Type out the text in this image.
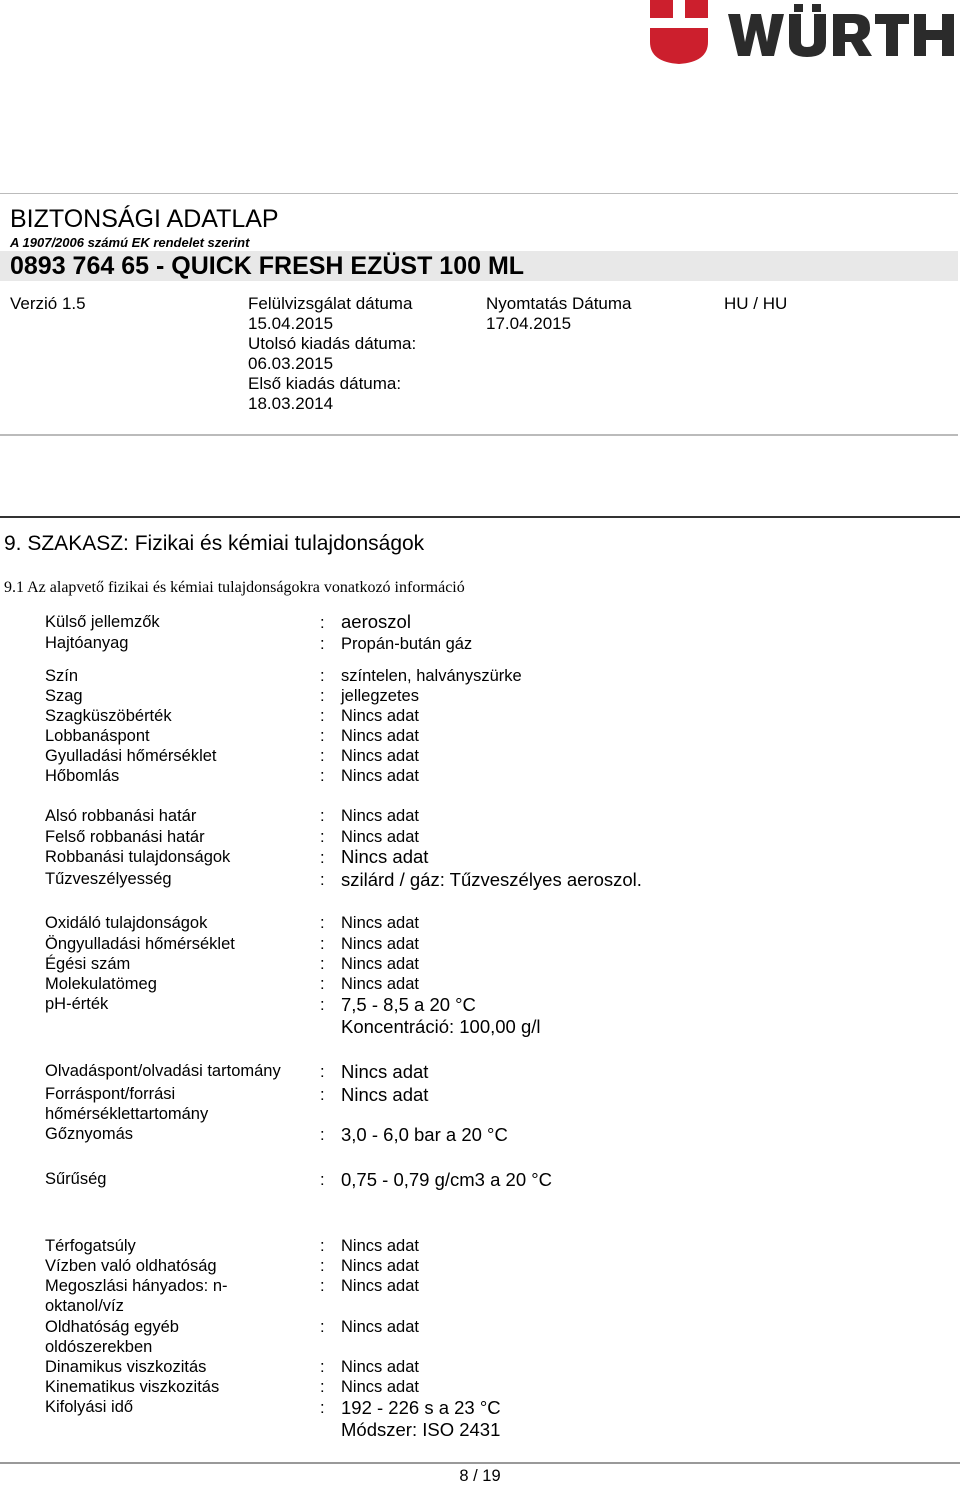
BIZTONSÁGI ADATLAP
A 1907/2006 számú EK rendelet szerint
0893 764 65 - QUICK FRESH EZÜST 100 ML
Verzió 1.5	Felülvizsgálat dátuma
15.04.2015
Utolsó kiadás dátuma:
06.03.2015
Első kiadás dátuma:
18.03.2014
Nyomtatás Dátuma
17.04.2015
HU / HU
9. SZAKASZ: Fizikai és kémiai tulajdonságok
9.1 Az alapvető fizikai és kémiai tulajdonságokra vonatkozó információ
Külső jellemzők	: aeroszol
Hajtóanyag	: Propán-bután gáz
Szín	: színtelen, halványszürke
Szag	: jellegzetes
Szagküszöbérték	: Nincs adat
Lobbanáspont	: Nincs adat
Gyulladási hőmérséklet	: Nincs adat
Hőbomlás	: Nincs adat
Alsó robbanási határ	: Nincs adat
Felső robbanási határ	: Nincs adat
Robbanási tulajdonságok	: Nincs adat
Tűzveszélyesség	: szilárd / gáz: Tűzveszélyes aeroszol.
Oxidáló tulajdonságok	: Nincs adat
Öngyulladási hőmérséklet	: Nincs adat
Égési szám	: Nincs adat
Molekulatömeg	: Nincs adat
pH-érték	: 7,5 - 8,5 a 20 °C
Koncentráció: 100,00 g/l
Olvadáspont/olvadási tartomány : Nincs adat
Forráspont/forrási
hőmérséklettartomány
: Nincs adat
Gőznyomás	: 3,0 - 6,0 bar a 20 °C
Sűrűség	: 0,75 - 0,79 g/cm3 a 20 °C
Térfogatsúly	: Nincs adat
Vízben való oldhatóság	: Nincs adat
Megoszlási hányados: n-
oktanol/víz
: Nincs adat
Oldhatóság egyéb
oldószerekben
: Nincs adat
Dinamikus viszkozitás	: Nincs adat
Kinematikus viszkozitás	: Nincs adat
Kifolyási idő	: 192 - 226 s a 23 °C
Módszer: ISO 2431
8 / 19
